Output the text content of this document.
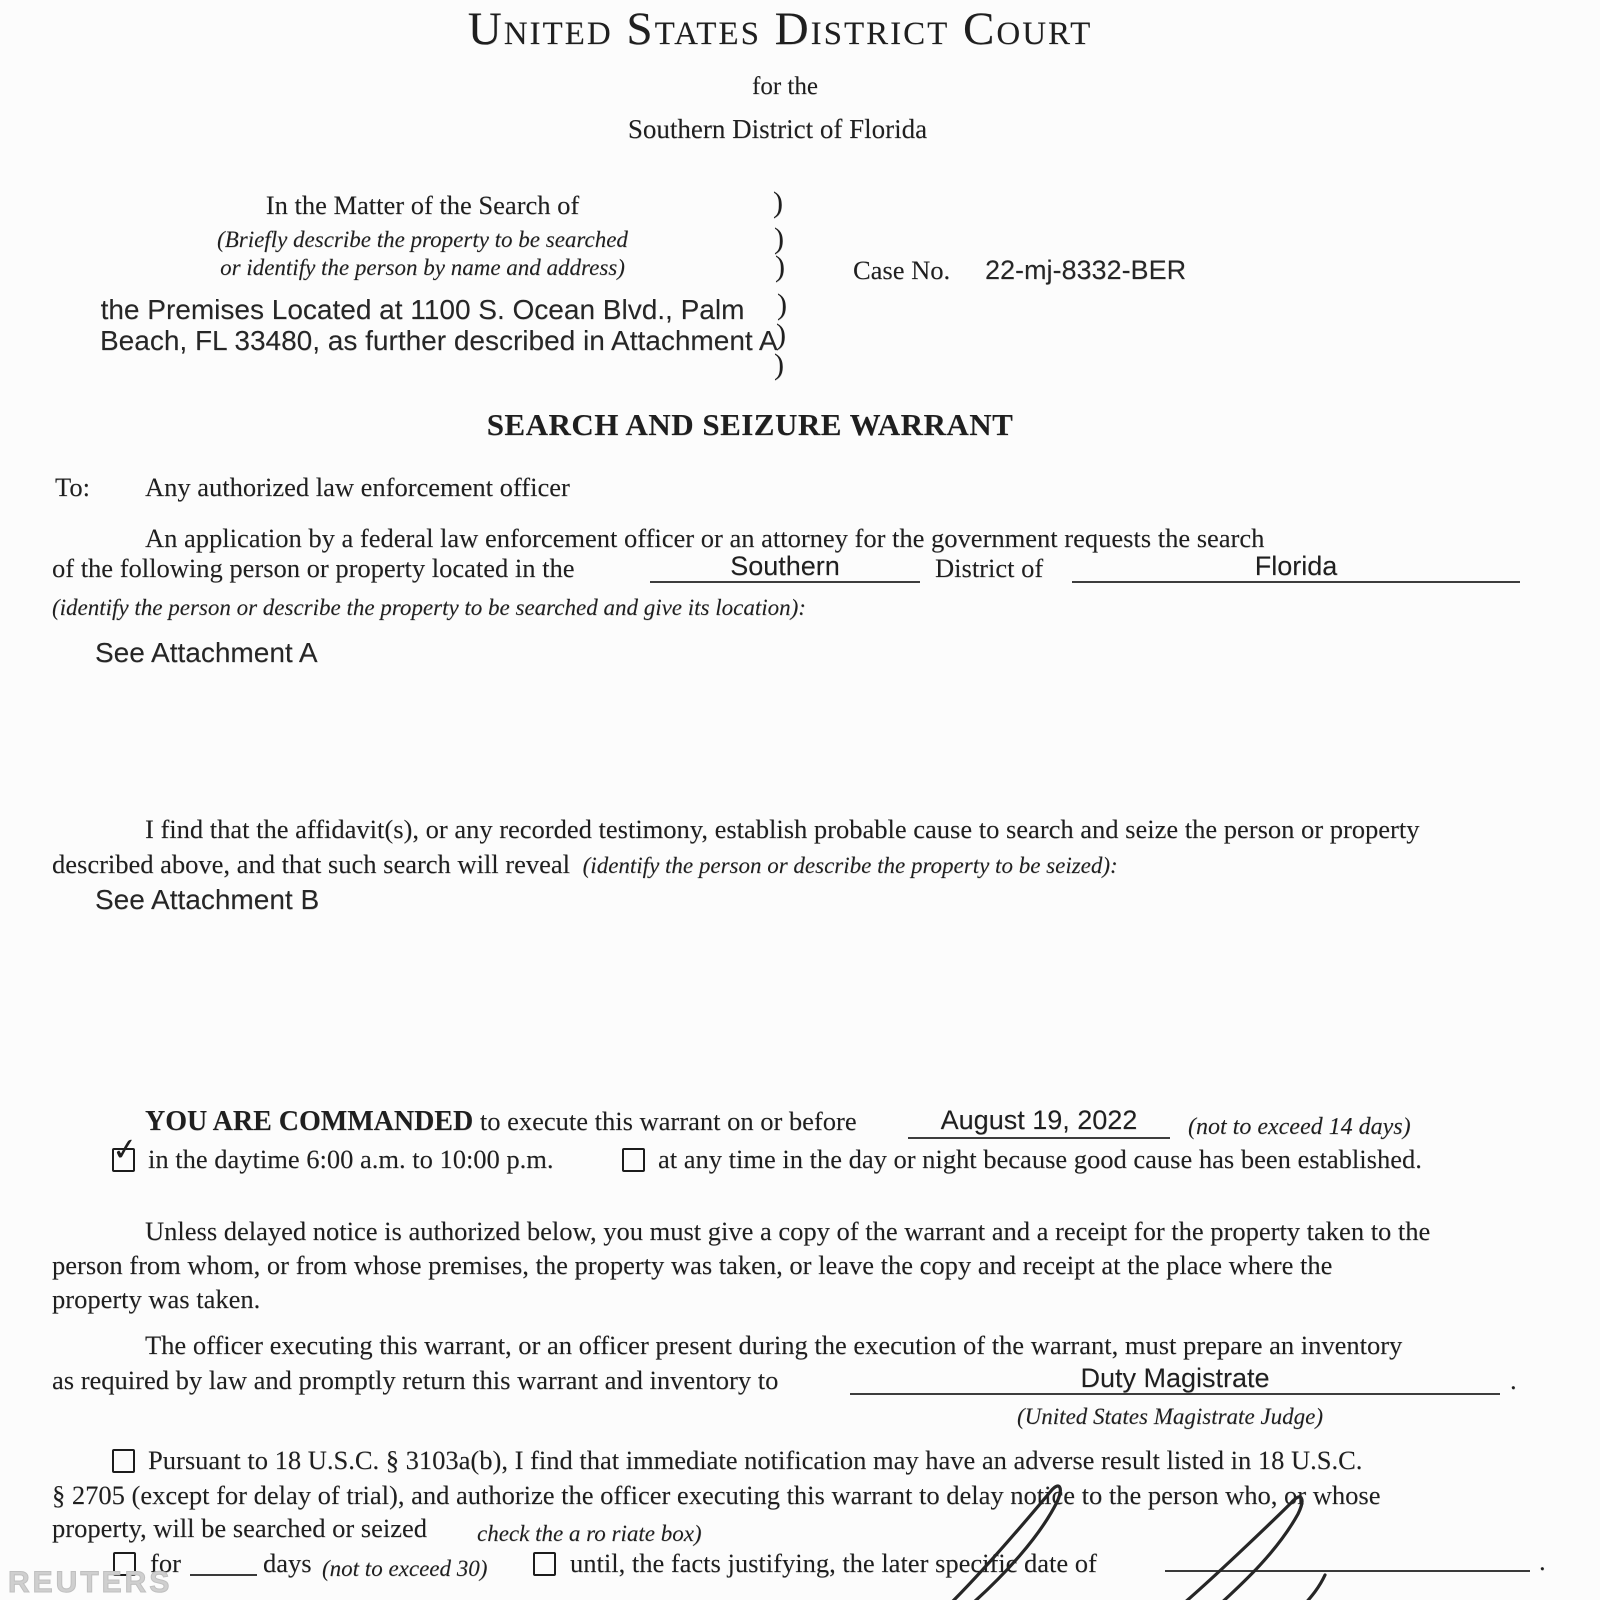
United States District Court
for the
Southern District of Florida
In the Matter of the Search of
(Briefly describe the property to be searched
or identify the person by name and address)
the Premises Located at 1100 S. Ocean Blvd., Palm
Beach, FL 33480, as further described in Attachment A
)
)
)
)
)
)
Case No. 22-mj-8332-BER
SEARCH AND SEIZURE WARRANT
To: Any authorized law enforcement officer
An application by a federal law enforcement officer or an attorney for the government requests the search
of the following person or property located in the	Southern	District of	Florida
(identify the person or describe the property to be searched and give its location):
See Attachment A
I find that the affidavit(s), or any recorded testimony, establish probable cause to search and seize the person or property
described above, and that such search will reveal (identify the person or describe the property to be seized):
See Attachment B
YOU ARE COMMANDED to execute this warrant on or before	August 19, 2022	(not to exceed 14 days)
✓ in the daytime 6:00 a.m. to 10:00 p.m.	at any time in the day or night because good cause has been established.
Unless delayed notice is authorized below, you must give a copy of the warrant and a receipt for the property taken to the
person from whom, or from whose premises, the property was taken, or leave the copy and receipt at the place where the
property was taken.
The officer executing this warrant, or an officer present during the execution of the warrant, must prepare an inventory
as required by law and promptly return this warrant and inventory to	Duty Magistrate	.
(United States Magistrate Judge)
Pursuant to 18 U.S.C. § 3103a(b), I find that immediate notification may have an adverse result listed in 18 U.S.C.
§ 2705 (except for delay of trial), and authorize the officer executing this warrant to delay notice to the person who, or whose
property, will be searched or seized check the a ro riate box)
for	days (not to exceed 30)	until, the facts justifying, the later specific date of	.
REUTERS
